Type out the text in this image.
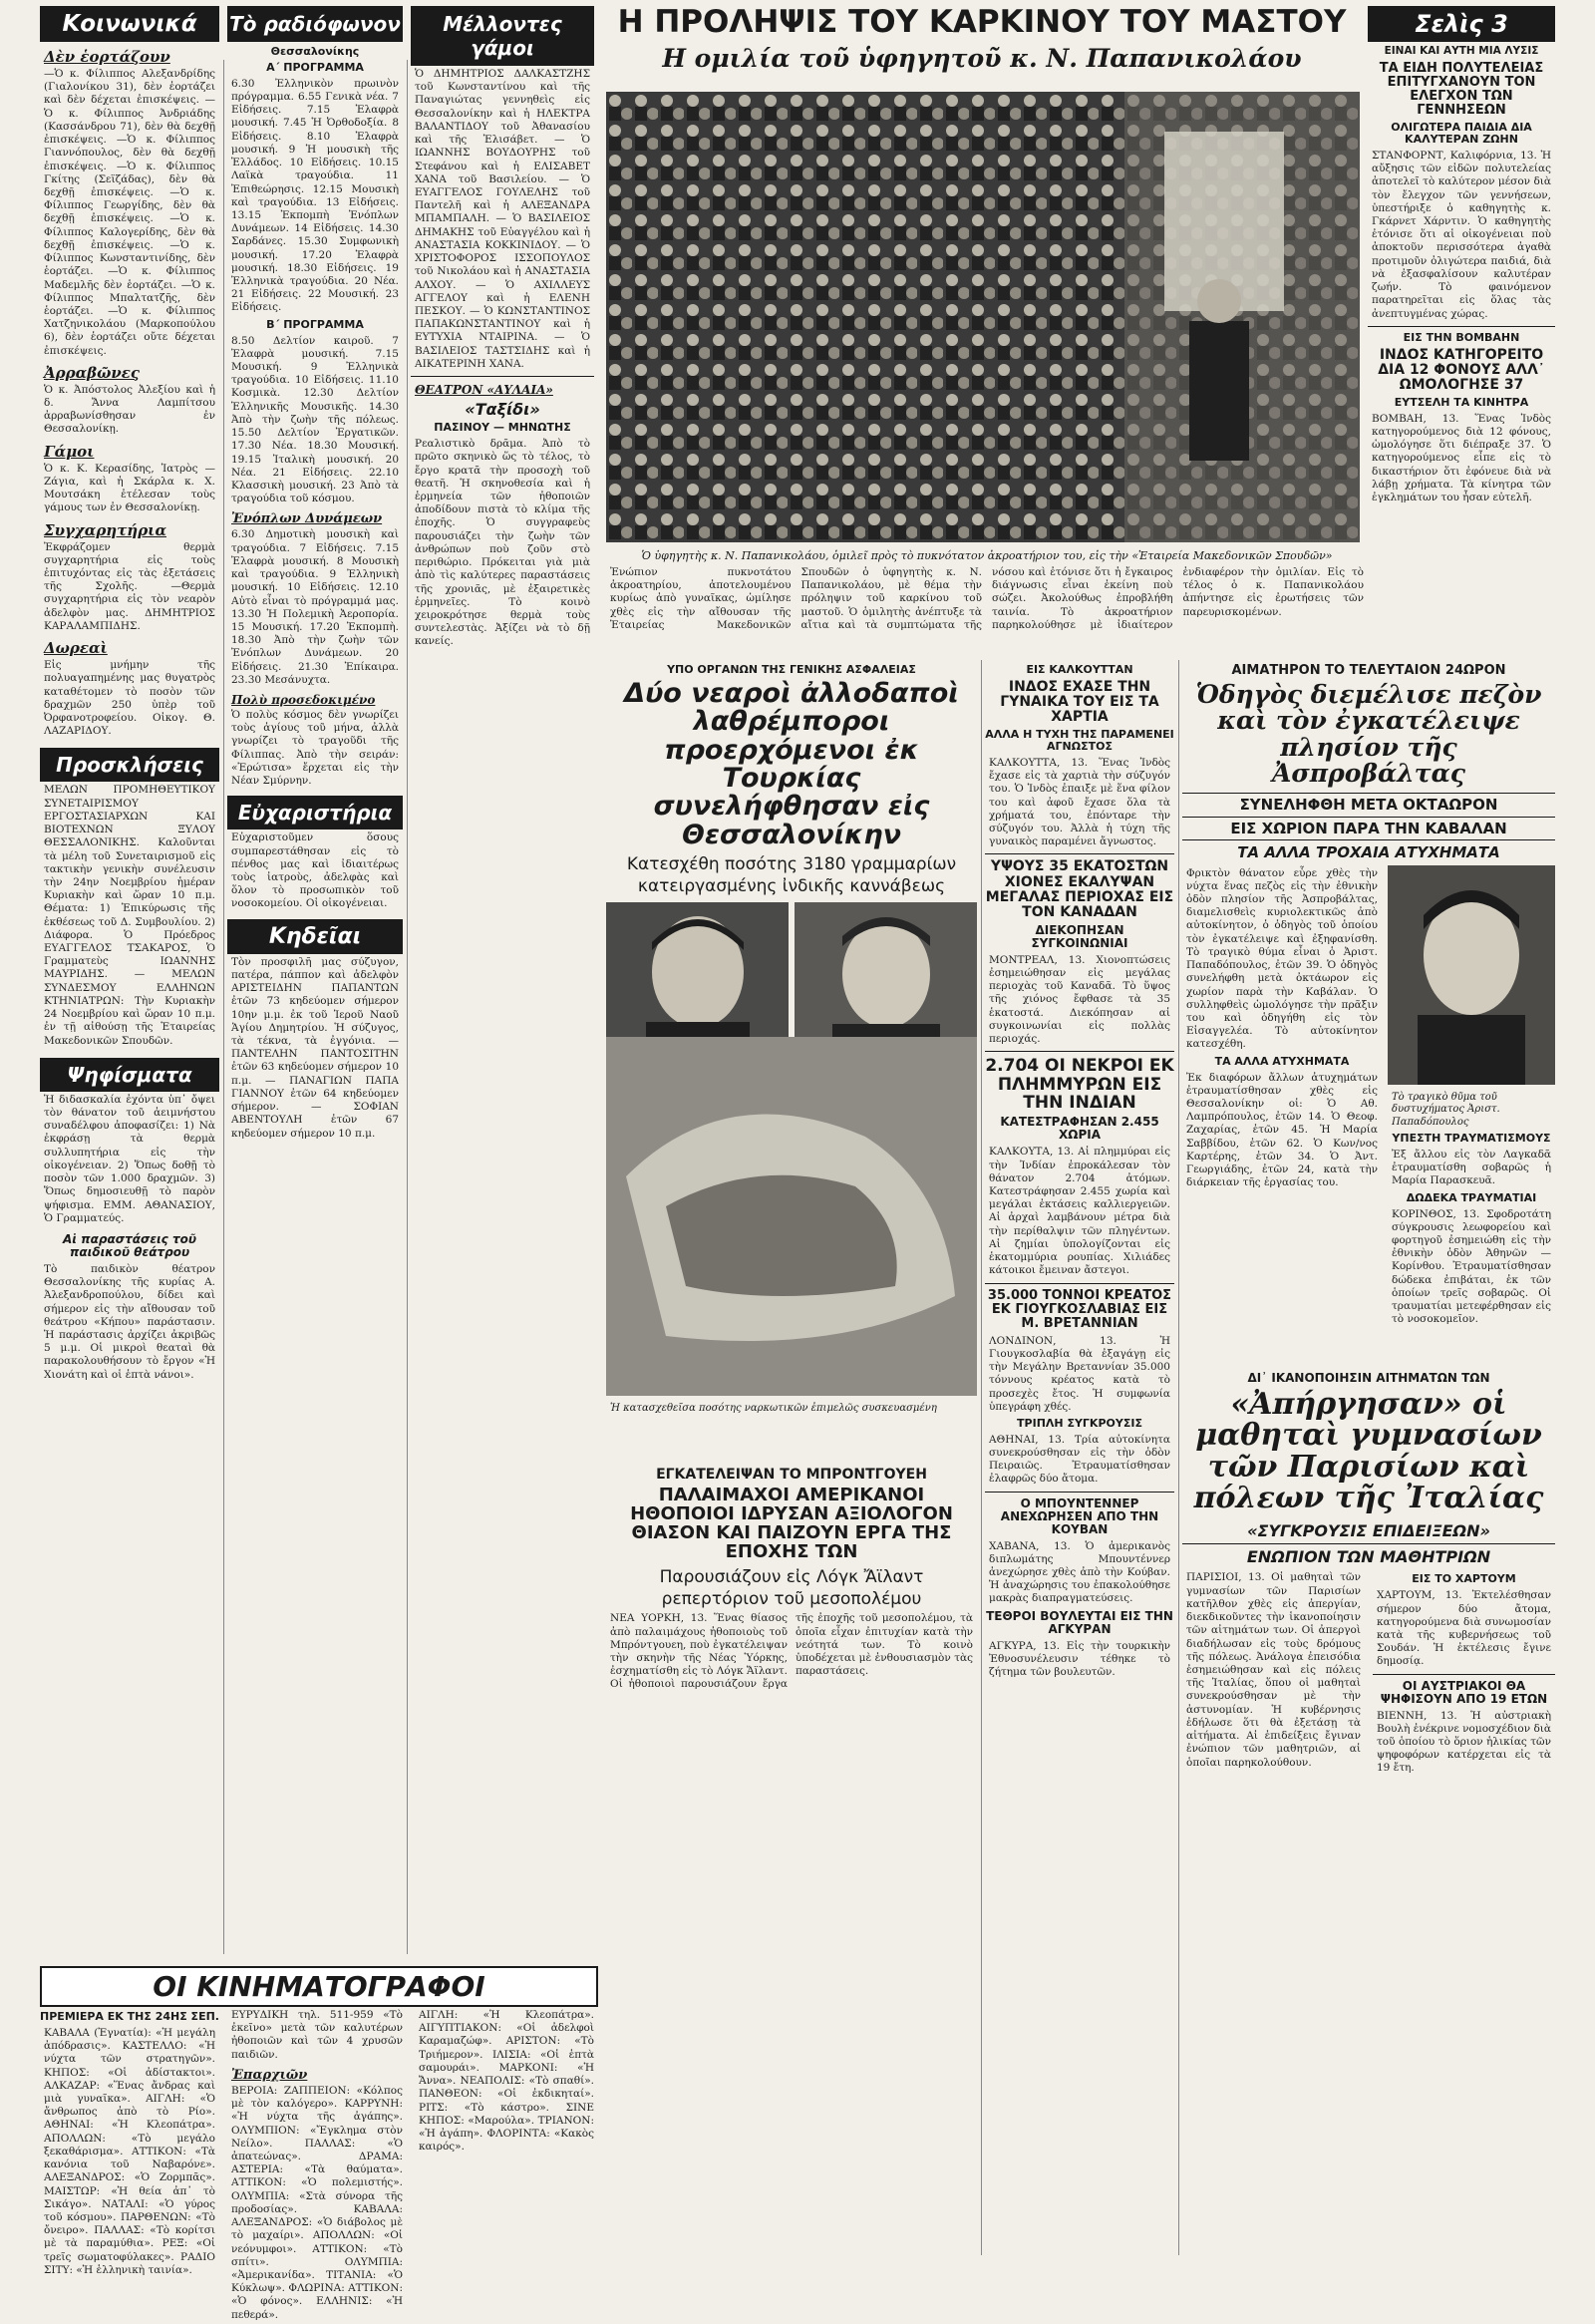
Κοινωνικά
Δὲν ἑορτάζουν
—Ὁ κ. Φίλιππος Αλεξανδρίδης (Γιαλονίκου 31), δὲν ἑορτάζει καὶ δὲν δέχεται ἐπισκέψεις. —Ὁ κ. Φίλιππος Ἀνδριάδης (Κασσάνδρου 71), δὲν θὰ δεχθῇ ἐπισκέψεις. —Ὁ κ. Φίλιππος Γιαννόπουλος, δὲν θὰ δεχθῇ ἐπισκέψεις. —Ὁ κ. Φίλιππος Γκίτης (Σεϊζάδας), δὲν θὰ δεχθῇ ἐπισκέψεις. —Ὁ κ. Φίλιππος Γεωργίδης, δὲν θὰ δεχθῇ ἐπισκέψεις. —Ὁ κ. Φίλιππος Καλογερίδης, δὲν θὰ δεχθῇ ἐπισκέψεις. —Ὁ κ. Φίλιππος Κωνσταντινίδης, δὲν ἑορτάζει. —Ὁ κ. Φίλιππος Μαδεμλῆς δὲν ἑορτάζει. —Ὁ κ. Φίλιππος Μπαλτατζῆς, δὲν ἑορτάζει. —Ὁ κ. Φίλιππος Χατζηνικολάου (Μαρκοπούλου 6), δὲν ἑορτάζει οὔτε δέχεται ἐπισκέψεις.
Ἀρραβῶνες
Ὁ κ. Ἀπόστολος Ἀλεξίου καὶ ἡ δ. Ἄννα Λαμπίτσου ἀρραβωνίσθησαν ἐν Θεσσαλονίκῃ.
Γάμοι
Ὁ κ. Κ. Κερασίδης, Ἰατρὸς — Ζάγια, καὶ ἡ Σκάρλα κ. Χ. Μουτσάκη ἐτέλεσαν τοὺς γάμους των ἐν Θεσσαλονίκῃ.
Συγχαρητήρια
Ἐκφράζομεν θερμὰ συγχαρητήρια εἰς τοὺς ἐπιτυχόντας εἰς τὰς ἐξετάσεις τῆς Σχολῆς. —Θερμὰ συγχαρητήρια εἰς τὸν νεαρὸν ἀδελφὸν μας. ΔΗΜΗΤΡΙΟΣ ΚΑΡΑΛΑΜΠΙΔΗΣ.
Δωρεαὶ
Εἰς μνήμην τῆς πολυαγαπημένης μας θυγατρὸς καταθέτομεν τὸ ποσὸν τῶν δραχμῶν 250 ὑπὲρ τοῦ Ὀρφανοτροφείου. Οἰκογ. Θ. ΛΑΖΑΡΙΔΟΥ.
Προσκλήσεις
ΜΕΛΩΝ ΠΡΟΜΗΘΕΥΤΙΚΟΥ ΣΥΝΕΤΑΙΡΙΣΜΟΥ ΕΡΓΟΣΤΑΣΙΑΡΧΩΝ ΚΑΙ ΒΙΟΤΕΧΝΩΝ ΞΥΛΟΥ ΘΕΣΣΑΛΟΝΙΚΗΣ. Καλοῦνται τὰ μέλη τοῦ Συνεταιρισμοῦ εἰς τακτικὴν γενικὴν συνέλευσιν τὴν 24ην Νοεμβρίου ἡμέραν Κυριακὴν καὶ ὥραν 10 π.μ. Θέματα: 1) Ἐπικύρωσις τῆς ἐκθέσεως τοῦ Δ. Συμβουλίου. 2) Διάφορα. Ὁ Πρόεδρος ΕΥΑΓΓΕΛΟΣ ΤΣΑΚΑΡΟΣ, Ὁ Γραμματεὺς ΙΩΑΝΝΗΣ ΜΑΥΡΙΔΗΣ. — ΜΕΛΩΝ ΣΥΝΔΕΣΜΟΥ ΕΛΛΗΝΩΝ ΚΤΗΝΙΑΤΡΩΝ: Τὴν Κυριακὴν 24 Νοεμβρίου καὶ ὥραν 10 π.μ. ἐν τῇ αἰθούσῃ τῆς Ἑταιρείας Μακεδονικῶν Σπουδῶν.
Ψηφίσματα
Ἡ διδασκαλία ἐχόντα ὑπ᾽ ὄψει τὸν θάνατον τοῦ ἀειμνήστου συναδέλφου ἀποφασίζει: 1) Νὰ ἐκφράσῃ τὰ θερμὰ συλλυπητήρια εἰς τὴν οἰκογένειαν. 2) Ὅπως δοθῇ τὸ ποσὸν τῶν 1.000 δραχμῶν. 3) Ὅπως δημοσιευθῇ τὸ παρὸν ψήφισμα. ΕΜΜ. ΑΘΑΝΑΣΙΟΥ, Ὁ Γραμματεύς.
Αἱ παραστάσεις τοῦ παιδικοῦ θεάτρου
Τὸ παιδικὸν θέατρον Θεσσαλονίκης τῆς κυρίας Α. Ἀλεξανδροπούλου, δίδει καὶ σήμερον εἰς τὴν αἴθουσαν τοῦ θεάτρου «Κήπου» παράστασιν. Ἡ παράστασις ἀρχίζει ἀκριβῶς 5 μ.μ. Οἱ μικροὶ θεαταὶ θὰ παρακολουθήσουν τὸ ἔργον «Ἡ Χιονάτη καὶ οἱ ἑπτὰ νάνοι».
Τὸ ραδιόφωνον
Θεσσαλονίκης
Α΄ ΠΡΟΓΡΑΜΜΑ
6.30 Ἐλληνικὸν πρωινὸν πρόγραμμα. 6.55 Γενικὰ νέα. 7 Εἰδήσεις. 7.15 Ἐλαφρὰ μουσική. 7.45 Ἡ Ὀρθοδοξία. 8 Εἰδήσεις. 8.10 Ἐλαφρὰ μουσική. 9 Ἡ μουσικὴ τῆς Ἑλλάδος. 10 Εἰδήσεις. 10.15 Λαϊκὰ τραγούδια. 11 Ἐπιθεώρησις. 12.15 Μουσικὴ καὶ τραγούδια. 13 Εἰδήσεις. 13.15 Ἐκπομπὴ Ἐνόπλων Δυνάμεων. 14 Εἰδήσεις. 14.30 Σαρδάνες. 15.30 Συμφωνικὴ μουσική. 17.20 Ἐλαφρὰ μουσική. 18.30 Εἰδήσεις. 19 Ἐλληνικὰ τραγούδια. 20 Νέα. 21 Εἰδήσεις. 22 Μουσική. 23 Εἰδήσεις.
Β΄ ΠΡΟΓΡΑΜΜΑ
8.50 Δελτίον καιροῦ. 7 Ἐλαφρὰ μουσική. 7.15 Μουσική. 9 Ἐλληνικὰ τραγούδια. 10 Εἰδήσεις. 11.10 Κοσμικὰ. 12.30 Δελτίον Ἑλληνικῆς Μουσικῆς. 14.30 Ἀπὸ τὴν ζωὴν τῆς πόλεως. 15.50 Δελτίον Ἐργατικῶν. 17.30 Νέα. 18.30 Μουσική. 19.15 Ἰταλικὴ μουσική. 20 Νέα. 21 Εἰδήσεις. 22.10 Κλασσικὴ μουσική. 23 Ἀπὸ τὰ τραγούδια τοῦ κόσμου.
Ἐνόπλων Δυνάμεων
6.30 Δημοτικὴ μουσικὴ καὶ τραγούδια. 7 Εἰδήσεις. 7.15 Ἐλαφρὰ μουσική. 8 Μουσικὴ καὶ τραγούδια. 9 Ἐλληνικὴ μουσική. 10 Εἰδήσεις. 12.10 Αὐτὸ εἶναι τὸ πρόγραμμά μας. 13.30 Ἡ Πολεμικὴ Ἀεροπορία. 15 Μουσική. 17.20 Ἐκπομπὴ. 18.30 Ἀπὸ τὴν ζωὴν τῶν Ἐνόπλων Δυνάμεων. 20 Εἰδήσεις. 21.30 Ἐπίκαιρα. 23.30 Μεσάνυχτα.
Πολὺ προσεδοκιμένο
Ὁ πολὺς κόσμος δὲν γνωρίζει τοὺς ἁγίους τοῦ μήνα, ἀλλὰ γνωρίζει τὸ τραγοῦδι τῆς Φίλιππας. Ἀπὸ τὴν σειράν: «Ἐρώτισα» ἔρχεται εἰς τὴν Νέαν Σμύρνην.
Εὐχαριστήρια
Εὐχαριστοῦμεν ὅσους συμπαρεστάθησαν εἰς τὸ πένθος μας καὶ ἰδιαιτέρως τοὺς ἰατροὺς, ἀδελφὰς καὶ ὅλον τὸ προσωπικὸν τοῦ νοσοκομείου. Οἱ οἰκογένειαι.
Κηδεῖαι
Τὸν προσφιλῆ μας σύζυγον, πατέρα, πάππον καὶ ἀδελφὸν ΑΡΙΣΤΕΙΔΗΝ ΠΑΠΑΝΤΩΝ ἐτῶν 73 κηδεύομεν σήμερον 10ην μ.μ. ἐκ τοῦ Ἱεροῦ Ναοῦ Ἁγίου Δημητρίου. Ἡ σύζυγος, τὰ τέκνα, τὰ ἐγγόνια. — ΠΑΝΤΕΛΗΝ ΠΑΝΤΟΣΙΤΗΝ ἐτῶν 63 κηδεύομεν σήμερον 10 π.μ. — ΠΑΝΑΓΙΩΝ ΠΑΠΑ ΓΙΑΝΝΟΥ ἐτῶν 64 κηδεύομεν σήμερον. — ΣΟΦΙΑΝ ΑΒΕΝΤΟΥΛΗ ἐτῶν 67 κηδεύομεν σήμερον 10 π.μ.
Μέλλοντες γάμοι
Ὁ ΔΗΜΗΤΡΙΟΣ ΔΑΛΚΑΣΤΖΗΣ τοῦ Κωνσταντίνου καὶ τῆς Παναγιώτας γεννηθεὶς εἰς Θεσσαλονίκην καὶ ἡ ΗΛΕΚΤΡΑ ΒΑΛΑΝΤΙΔΟΥ τοῦ Ἀθανασίου καὶ τῆς Ἐλισάβετ. — Ὁ ΙΩΑΝΝΗΣ ΒΟΥΔΟΥΡΗΣ τοῦ Στεφάνου καὶ ἡ ΕΛΙΣΑΒΕΤ ΧΑΝΑ τοῦ Βασιλείου. — Ὁ ΕΥΑΓΓΕΛΟΣ ΓΟΥΛΕΛΗΣ τοῦ Παντελῆ καὶ ἡ ΑΛΕΞΑΝΔΡΑ ΜΠΑΜΠΑΛΗ. — Ὁ ΒΑΣΙΛΕΙΟΣ ΔΗΜΑΚΗΣ τοῦ Εὐαγγέλου καὶ ἡ ΑΝΑΣΤΑΣΙΑ ΚΟΚΚΙΝΙΔΟΥ. — Ὁ ΧΡΙΣΤΟΦΟΡΟΣ ΙΣΣΟΠΟΥΛΟΣ τοῦ Νικολάου καὶ ἡ ΑΝΑΣΤΑΣΙΑ ΑΛΧΟΥ. — Ὁ ΑΧΙΛΛΕΥΣ ΑΓΓΕΛΟΥ καὶ ἡ ΕΛΕΝΗ ΠΕΣΚΟΥ. — Ὁ ΚΩΝΣΤΑΝΤΙΝΟΣ ΠΑΠΑΚΩΝΣΤΑΝΤΙΝΟΥ καὶ ἡ ΕΥΤΥΧΙΑ ΝΤΑΙΡΙΝΑ. — Ὁ ΒΑΣΙΛΕΙΟΣ ΤΑΣΤΣΙΔΗΣ καὶ ἡ ΑΙΚΑΤΕΡΙΝΗ ΧΑΝΑ.
ΘΕΑΤΡΟΝ «ΑΥΛΑΙΑ»
«Ταξίδι»
ΠΑΣΙΝΟΥ — ΜΗΝΩΤΗΣ
Ρεαλιστικὸ δρᾶμα. Ἀπὸ τὸ πρῶτο σκηνικὸ ὥς τὸ τέλος, τὸ ἔργο κρατᾶ τὴν προσοχὴ τοῦ θεατῆ. Ἡ σκηνοθεσία καὶ ἡ ἑρμηνεία τῶν ἠθοποιῶν ἀποδίδουν πιστὰ τὸ κλίμα τῆς ἐποχῆς. Ὁ συγγραφεὺς παρουσιάζει τὴν ζωὴν τῶν ἀνθρώπων ποὺ ζοῦν στὸ περιθώριο. Πρόκειται γιὰ μιὰ ἀπὸ τὶς καλύτερες παραστάσεις τῆς χρονιᾶς, μὲ ἐξαιρετικὲς ἑρμηνεῖες. Τὸ κοινὸ χειροκρότησε θερμὰ τοὺς συντελεστὰς. Ἀξίζει νὰ τὸ δῇ κανείς.
Η ΠΡΟΛΗΨΙΣ ΤΟΥ ΚΑΡΚΙΝΟΥ ΤΟΥ ΜΑΣΤΟΥ
Η ομιλία τοῦ ὑφηγητοῦ κ. Ν. Παπανικολάου
Σελὶς 3
ΕΙΝΑΙ ΚΑΙ ΑΥΤΗ ΜΙΑ ΛΥΣΙΣ
Ὁ ὑφηγητὴς κ. Ν. Παπανικολάου, ὁμιλεῖ πρὸς τὸ πυκνότατον ἀκροατήριον του, εἰς τὴν «Ἑταιρεία Μακεδονικῶν Σπουδῶν»
Ἐνώπιον πυκνοτάτου ἀκροατηρίου, ἀποτελουμένου κυρίως ἀπὸ γυναῖκας, ὡμίλησε χθὲς εἰς τὴν αἴθουσαν τῆς Ἑταιρείας Μακεδονικῶν Σπουδῶν ὁ ὑφηγητὴς κ. Ν. Παπανικολάου, μὲ θέμα τὴν πρόληψιν τοῦ καρκίνου τοῦ μαστοῦ. Ὁ ὁμιλητὴς ἀνέπτυξε τὰ αἴτια καὶ τὰ συμπτώματα τῆς νόσου καὶ ἐτόνισε ὅτι ἡ ἔγκαιρος διάγνωσις εἶναι ἐκείνη ποὺ σώζει. Ἀκολούθως ἐπροβλήθη ταινία. Τὸ ἀκροατήριον παρηκολούθησε μὲ ἰδιαίτερον ἐνδιαφέρον τὴν ὁμιλίαν. Εἰς τὸ τέλος ὁ κ. Παπανικολάου ἀπήντησε εἰς ἐρωτήσεις τῶν παρευρισκομένων.
ΥΠΟ ΟΡΓΑΝΩΝ ΤΗΣ ΓΕΝΙΚΗΣ ΑΣΦΑΛΕΙΑΣ
Δύο νεαροὶ ἀλλοδαποὶ λαθρέμποροι προερχόμενοι ἐκ Τουρκίας συνελήφθησαν εἰς Θεσσαλονίκην
Κατεσχέθη ποσότης 3180 γραμμαρίων
κατειργασμένης ἰνδικῆς καννάβεως
Ἡ κατασχεθεῖσα ποσότης ναρκωτικῶν ἐπιμελῶς συσκευασμένη
ΕΓΚΑΤΕΛΕΙΨΑΝ ΤΟ ΜΠΡΟΝΤΓΟΥΕΗ
ΠΑΛΑΙΜΑΧΟΙ ΑΜΕΡΙΚΑΝΟΙ ΗΘΟΠΟΙΟΙ ΙΔΡΥΣΑΝ ΑΞΙΟΛΟΓΟΝ ΘΙΑΣΟΝ ΚΑΙ ΠΑΙΖΟΥΝ ΕΡΓΑ ΤΗΣ ΕΠΟΧΗΣ ΤΩΝ
Παρουσιάζουν εἰς Λόγκ Ἄϊλαντ
ρεπερτόριον τοῦ μεσοπολέμου
ΝΕΑ ΥΟΡΚΗ, 13. Ἕνας θίασος ἀπὸ παλαιμάχους ἠθοποιοὺς τοῦ Μπρόντγουεη, ποὺ ἐγκατέλειψαν τὴν σκηνὴν τῆς Νέας Ὑόρκης, ἐσχηματίσθη εἰς τὸ Λόγκ Ἄϊλαντ. Οἱ ἠθοποιοὶ παρουσιάζουν ἔργα τῆς ἐποχῆς τοῦ μεσοπολέμου, τὰ ὁποῖα εἶχαν ἐπιτυχίαν κατὰ τὴν νεότητά των. Τὸ κοινὸ ὑποδέχεται μὲ ἐνθουσιασμὸν τὰς παραστάσεις.
ΟΙ ΚΙΝΗΜΑΤΟΓΡΑΦΟΙ
ΠΡΕΜΙΕΡΑ ΕΚ ΤΗΣ 24ΗΣ ΣΕΠ.
ΚΑΒΑΛΑ (Ἐγνατία): «Ἡ μεγάλη ἀπόδρασις». ΚΑΣΤΕΛΛΟ: «Ἡ νύχτα τῶν στρατηγῶν». ΚΗΠΟΣ: «Οἱ ἀδίστακτοι». ΑΛΚΑΖΑΡ: «Ἕνας ἄνδρας καὶ μιὰ γυναῖκα». ΑΙΓΛΗ: «Ὁ ἄνθρωπος ἀπὸ τὸ Ρίο». ΑΘΗΝΑΙ: «Ἡ Κλεοπάτρα». ΑΠΟΛΛΩΝ: «Τὸ μεγάλο ξεκαθάρισμα». ΑΤΤΙΚΟΝ: «Τὰ κανόνια τοῦ Ναβαρόνε». ΑΛΕΞΑΝΔΡΟΣ: «Ὁ Ζορμπᾶς». ΜΑΙΣΤΩΡ: «Ἡ θεία ἀπ᾽ τὸ Σικάγο». ΝΑΤΑΛΙ: «Ὁ γύρος τοῦ κόσμου». ΠΑΡΘΕΝΩΝ: «Τὸ ὄνειρο». ΠΑΛΛΑΣ: «Τὸ κορίτσι μὲ τὰ παραμύθια». ΡΕΞ: «Οἱ τρεῖς σωματοφύλακες». ΡΑΔΙΟ ΣΙΤΥ: «Ἡ ἑλληνικὴ ταινία».
ΕΥΡΥΔΙΚΗ τηλ. 511-959 «Τὸ ἐκεῖνο» μετὰ τῶν καλυτέρων ἠθοποιῶν καὶ τῶν 4 χρυσῶν παιδιῶν.
Ἐπαρχιῶν
ΒΕΡΟΙΑ: ΖΑΠΠΕΙΟΝ: «Κόλπος μὲ τὸν καλόγερο». ΚΑΡΡΥΝΗ: «Ἡ νύχτα τῆς ἀγάπης». ΟΛΥΜΠΙΟΝ: «Ἔγκλημα στὸν Νείλο». ΠΑΛΛΑΣ: «Ὁ ἀπατεώνας». ΔΡΑΜΑ: ΑΣΤΕΡΙΑ: «Τὰ θαύματα». ΑΤΤΙΚΟΝ: «Ὁ πολεμιστής». ΟΛΥΜΠΙΑ: «Στὰ σύνορα τῆς προδοσίας». ΚΑΒΑΛΑ: ΑΛΕΞΑΝΔΡΟΣ: «Ὁ διάβολος μὲ τὸ μαχαίρι». ΑΠΟΛΛΩΝ: «Οἱ νεόνυμφοι». ΑΤΤΙΚΟΝ: «Τὸ σπίτι». ΟΛΥΜΠΙΑ: «Ἀμερικανίδα». ΤΙΤΑΝΙΑ: «Ὁ Κύκλωψ». ΦΛΩΡΙΝΑ: ΑΤΤΙΚΟΝ: «Ὁ φόνος». ΕΛΛΗΝΙΣ: «Ἡ πεθερά».
ΑΙΓΛΗ: «Ἡ Κλεοπάτρα». ΑΙΓΥΠΤΙΑΚΟΝ: «Οἱ ἀδελφοὶ Καραμαζώφ». ΑΡΙΣΤΟΝ: «Τὸ Τριήμερον». ΙΛΙΣΙΑ: «Οἱ ἑπτὰ σαμουράι». ΜΑΡΚΟΝΙ: «Ἡ Ἄννα». ΝΕΑΠΟΛΙΣ: «Τὸ σπαθί». ΠΑΝΘΕΟΝ: «Οἱ ἐκδικηταί». ΡΙΤΣ: «Τὸ κάστρο». ΣΙΝΕ ΚΗΠΟΣ: «Μαρούλα». ΤΡΙΑΝΟΝ: «Ἡ ἀγάπη». ΦΛΟΡΙΝΤΑ: «Κακὸς καιρός».
ΕΙΣ ΚΑΛΚΟΥΤΤΑΝ
ΙΝΔΟΣ ΕΧΑΣΕ ΤΗΝ ΓΥΝΑΙΚΑ ΤΟΥ ΕΙΣ ΤΑ ΧΑΡΤΙΑ
ΑΛΛΑ Η ΤΥΧΗ ΤΗΣ ΠΑΡΑΜΕΝΕΙ ΑΓΝΩΣΤΟΣ
ΚΑΛΚΟΥΤΤΑ, 13. Ἕνας Ἰνδὸς ἔχασε εἰς τὰ χαρτιὰ τὴν σύζυγόν του. Ὁ Ἰνδὸς ἐπαιξε μὲ ἕνα φίλον του καὶ ἀφοῦ ἔχασε ὅλα τὰ χρήματά του, ἐπόνταρε τὴν σύζυγόν του. Ἀλλὰ ἡ τύχη τῆς γυναικὸς παραμένει ἄγνωστος.
ΥΨΟΥΣ 35 ΕΚΑΤΟΣΤΩΝ ΧΙΟΝΕΣ ΕΚΑΛΥΨΑΝ ΜΕΓΑΛΑΣ ΠΕΡΙΟΧΑΣ ΕΙΣ ΤΟΝ ΚΑΝΑΔΑΝ
ΔΙΕΚΟΠΗΣΑΝ ΣΥΓΚΟΙΝΩΝΙΑΙ
ΜΟΝΤΡΕΑΛ, 13. Χιονοπτώσεις ἐσημειώθησαν εἰς μεγάλας περιοχὰς τοῦ Καναδᾶ. Τὸ ὕψος τῆς χιόνος ἔφθασε τὰ 35 ἑκατοστά. Διεκόπησαν αἱ συγκοινωνίαι εἰς πολλὰς περιοχάς.
2.704 ΟΙ ΝΕΚΡΟΙ ΕΚ ΠΛΗΜΜΥΡΩΝ ΕΙΣ ΤΗΝ ΙΝΔΙΑΝ
ΚΑΤΕΣΤΡΑΦΗΣΑΝ 2.455 ΧΩΡΙΑ
ΚΑΛΚΟΥΤΑ, 13. Αἱ πλημμύραι εἰς τὴν Ἰνδίαν ἐπροκάλεσαν τὸν θάνατον 2.704 ἀτόμων. Κατεστράφησαν 2.455 χωρία καὶ μεγάλαι ἐκτάσεις καλλιεργειῶν. Αἱ ἀρχαὶ λαμβάνουν μέτρα διὰ τὴν περίθαλψιν τῶν πληγέντων. Αἱ ζημίαι ὑπολογίζονται εἰς ἑκατομμύρια ρουπίας. Χιλιάδες κάτοικοι ἔμειναν ἄστεγοι.
35.000 ΤΟΝΝΟΙ ΚΡΕΑΤΟΣ ΕΚ ΓΙΟΥΓΚΟΣΛΑΒΙΑΣ ΕΙΣ Μ. ΒΡΕΤΑΝΝΙΑΝ
ΛΟΝΔΙΝΟΝ, 13. Ἡ Γιουγκοσλαβία θὰ ἐξαγάγῃ εἰς τὴν Μεγάλην Βρεταννίαν 35.000 τόννους κρέατος κατὰ τὸ προσεχὲς ἔτος. Ἡ συμφωνία ὑπεγράφη χθές.
ΤΡΙΠΛΗ ΣΥΓΚΡΟΥΣΙΣ
ΑΘΗΝΑΙ, 13. Τρία αὐτοκίνητα συνεκρούσθησαν εἰς τὴν ὁδὸν Πειραιῶς. Ἐτραυματίσθησαν ἐλαφρῶς δύο ἄτομα.
Ο ΜΠΟΥΝΤΕΝΝΕΡ ΑΝΕΧΩΡΗΣΕΝ ΑΠΟ ΤΗΝ ΚΟΥΒΑΝ
ΧΑΒΑΝΑ, 13. Ὁ ἀμερικανὸς διπλωμάτης Μπουντέννερ ἀνεχώρησε χθὲς ἀπὸ τὴν Κούβαν. Ἡ ἀναχώρησις του ἐπακολούθησε μακρὰς διαπραγματεύσεις.
ΤΕΘΡΟΙ ΒΟΥΛΕΥΤΑΙ ΕΙΣ ΤΗΝ ΑΓΚΥΡΑΝ
ΑΓΚΥΡΑ, 13. Εἰς τὴν τουρκικὴν Ἐθνοσυνέλευσιν τέθηκε τὸ ζήτημα τῶν βουλευτῶν.
ΤΑ ΕΙΔΗ ΠΟΛΥΤΕΛΕΙΑΣ ΕΠΙΤΥΓΧΑΝΟΥΝ ΤΟΝ ΕΛΕΓΧΟΝ ΤΩΝ ΓΕΝΝΗΣΕΩΝ
ΟΛΙΓΩΤΕΡΑ ΠΑΙΔΙΑ ΔΙΑ ΚΑΛΥΤΕΡΑΝ ΖΩΗΝ
ΣΤΑΝΦΟΡΝΤ, Καλιφόρνια, 13. Ἡ αὔξησις τῶν εἰδῶν πολυτελείας ἀποτελεῖ τὸ καλύτερον μέσον διὰ τὸν ἔλεγχον τῶν γεννήσεων, ὑπεστήριξε ὁ καθηγητὴς κ. Γκάρνετ Χάρντιν. Ὁ καθηγητὴς ἐτόνισε ὅτι αἱ οἰκογένειαι ποὺ ἀποκτοῦν περισσότερα ἀγαθὰ προτιμοῦν ὀλιγώτερα παιδιά, διὰ νὰ ἐξασφαλίσουν καλυτέραν ζωήν. Τὸ φαινόμενον παρατηρεῖται εἰς ὅλας τὰς ἀνεπτυγμένας χώρας.
ΕΙΣ ΤΗΝ ΒΟΜΒΑΗΝ
ΙΝΔΟΣ ΚΑΤΗΓΟΡΕΙΤΟ ΔΙΑ 12 ΦΟΝΟΥΣ ΑΛΛ᾽ ΩΜΟΛΟΓΗΣΕ 37
ΕΥΤΣΕΛΗ ΤΑ ΚΙΝΗΤΡΑ
ΒΟΜΒΑΗ, 13. Ἕνας Ἰνδὸς κατηγορούμενος διὰ 12 φόνους, ὡμολόγησε ὅτι διέπραξε 37. Ὁ κατηγορούμενος εἶπε εἰς τὸ δικαστήριον ὅτι ἐφόνευε διὰ νὰ λάβῃ χρήματα. Τὰ κίνητρα τῶν ἐγκλημάτων του ἦσαν εὐτελῆ.
ΑΙΜΑΤΗΡΟΝ ΤΟ ΤΕΛΕΥΤΑΙΟΝ 24ΩΡΟΝ
Ὁδηγὸς διεμέλισε πεζὸν καὶ τὸν ἐγκατέλειψε πλησίον τῆς Ἀσπροβάλτας
ΣΥΝΕΛΗΦΘΗ ΜΕΤΑ ΟΚΤΑΩΡΟΝ
ΕΙΣ ΧΩΡΙΟΝ ΠΑΡΑ ΤΗΝ ΚΑΒΑΛΑΝ
ΤΑ ΑΛΛΑ ΤΡΟΧΑΙΑ ΑΤΥΧΗΜΑΤΑ
Φρικτὸν θάνατον εὗρε χθὲς τὴν νύχτα ἕνας πεζὸς εἰς τὴν ἐθνικὴν ὁδὸν πλησίον τῆς Ἀσπροβάλτας, διαμελισθεὶς κυριολεκτικῶς ἀπὸ αὐτοκίνητον, ὁ ὁδηγὸς τοῦ ὁποίου τὸν ἐγκατέλειψε καὶ ἐξηφανίσθη. Τὸ τραγικὸ θύμα εἶναι ὁ Ἀριστ. Παπαδόπουλος, ἐτῶν 39. Ὁ ὁδηγὸς συνελήφθη μετὰ ὀκτάωρον εἰς χωρίον παρὰ τὴν Καβάλαν. Ὁ συλληφθεὶς ὡμολόγησε τὴν πρᾶξιν του καὶ ὁδηγήθη εἰς τὸν Εἰσαγγελέα. Τὸ αὐτοκίνητον κατεσχέθη.
ΤΑ ΑΛΛΑ ΑΤΥΧΗΜΑΤΑ
Ἐκ διαφόρων ἄλλων ἀτυχημάτων ἐτραυματίσθησαν χθὲς εἰς Θεσσαλονίκην οἱ: Ὁ Αθ. Λαμπρόπουλος, ἐτῶν 14. Ὁ Θεοφ. Ζαχαρίας, ἐτῶν 45. Ἡ Μαρία Σαββίδου, ἐτῶν 62. Ὁ Κων/νος Καρτέρης, ἐτῶν 34. Ὁ Ἀντ. Γεωργιάδης, ἐτῶν 24, κατὰ τὴν διάρκειαν τῆς ἐργασίας του.
Τὸ τραγικὸ θῦμα τοῦ δυστυχήματος Ἀριστ. Παπαδόπουλος
ΥΠΕΣΤΗ ΤΡΑΥΜΑΤΙΣΜΟΥΣ
Ἐξ ἄλλου εἰς τὸν Λαγκαδᾶ ἐτραυματίσθη σοβαρῶς ἡ Μαρία Παρασκευᾶ.
ΔΩΔΕΚΑ ΤΡΑΥΜΑΤΙΑΙ
ΚΟΡΙΝΘΟΣ, 13. Σφοδροτάτη σύγκρουσις λεωφορείου καὶ φορτηγοῦ ἐσημειώθη εἰς τὴν ἐθνικὴν ὁδὸν Ἀθηνῶν — Κορίνθου. Ἐτραυματίσθησαν δώδεκα ἐπιβάται, ἐκ τῶν ὁποίων τρεῖς σοβαρῶς. Οἱ τραυματίαι μετεφέρθησαν εἰς τὸ νοσοκομεῖον.
ΔΙ᾽ ΙΚΑΝΟΠΟΙΗΣΙΝ ΑΙΤΗΜΑΤΩΝ ΤΩΝ
«Ἀπήργησαν» οἱ μαθηταὶ γυμνασίων τῶν Παρισίων καὶ πόλεων τῆς Ἰταλίας
«ΣΥΓΚΡΟΥΣΙΣ ΕΠΙΔΕΙΞΕΩΝ»
ΕΝΩΠΙΟΝ ΤΩΝ ΜΑΘΗΤΡΙΩΝ
ΠΑΡΙΣΙΟΙ, 13. Οἱ μαθηταὶ τῶν γυμνασίων τῶν Παρισίων κατῆλθον χθὲς εἰς ἀπεργίαν, διεκδικοῦντες τὴν ἱκανοποίησιν τῶν αἰτημάτων των. Οἱ ἀπεργοὶ διαδήλωσαν εἰς τοὺς δρόμους τῆς πόλεως. Ἀνάλογα ἐπεισόδια ἐσημειώθησαν καὶ εἰς πόλεις τῆς Ἰταλίας, ὅπου οἱ μαθηταὶ συνεκρούσθησαν μὲ τὴν ἀστυνομίαν. Ἡ κυβέρνησις ἐδήλωσε ὅτι θὰ ἐξετάσῃ τὰ αἰτήματα. Αἱ ἐπιδείξεις ἔγιναν ἐνώπιον τῶν μαθητριῶν, αἱ ὁποῖαι παρηκολούθουν.
ΕΙΣ ΤΟ ΧΑΡΤΟΥΜ
ΧΑΡΤΟΥΜ, 13. Ἐκτελέσθησαν σήμερον δύο ἄτομα, κατηγορούμενα διὰ συνωμοσίαν κατὰ τῆς κυβερνήσεως τοῦ Σουδάν. Ἡ ἐκτέλεσις ἔγινε δημοσίᾳ.
ΟΙ ΑΥΣΤΡΙΑΚΟΙ ΘΑ ΨΗΦΙΣΟΥΝ ΑΠΟ 19 ΕΤΩΝ
ΒΙΕΝΝΗ, 13. Ἡ αὐστριακὴ Βουλὴ ἐνέκρινε νομοσχέδιον διὰ τοῦ ὁποίου τὸ ὅριον ἡλικίας τῶν ψηφοφόρων κατέρχεται εἰς τὰ 19 ἔτη.
